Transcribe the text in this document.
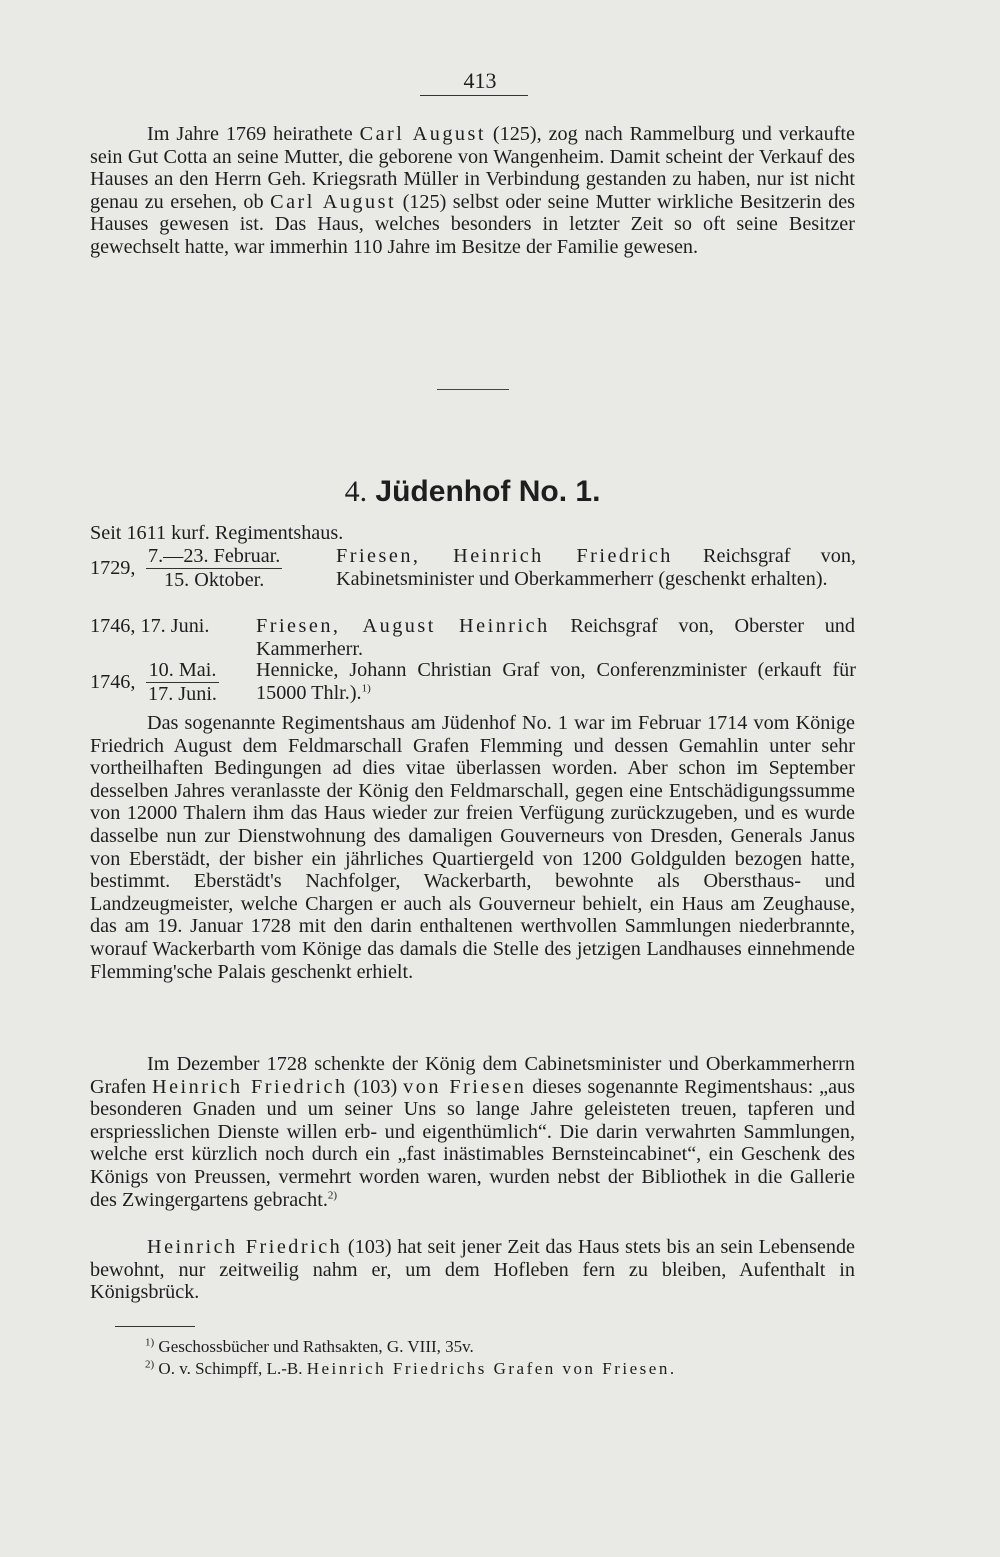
413

Im Jahre 1769 heirathete Carl August (125), zog nach Rammelburg und verkaufte sein Gut Cotta an seine Mutter, die geborene von Wangenheim. Damit scheint der Verkauf des Hauses an den Herrn Geh. Kriegsrath Müller in Verbindung gestanden zu haben, nur ist nicht genau zu ersehen, ob Carl August (125) selbst oder seine Mutter wirkliche Besitzerin des Hauses gewesen ist. Das Haus, welches besonders in letzter Zeit so oft seine Besitzer gewechselt hatte, war immerhin 110 Jahre im Besitze der Familie gewesen.

4. Jüdenhof No. 1.
Seit 1611 kurf. Regimentshaus.
1729,
7.—23. Februar.
15. Oktober.

Friesen, Heinrich Friedrich Reichsgraf von, Kabinetsminister und Oberkammerherr (geschenkt erhalten).

1746, 17. Juni. Friesen, August Heinrich Reichsgraf von, Oberster und Kammerherr.

1746,
10. Mai.
17. Juni.

Hennicke, Johann Christian Graf von, Conferenzminister (erkauft für 15000 Thlr.).$^{1)}$

Das sogenannte Regimentshaus am Jüdenhof No. 1 war im Februar 1714 vom Könige Friedrich August dem Feldmarschall Grafen Flemming und dessen Gemahlin unter sehr vortheilhaften Bedingungen ad dies vitae überlassen worden. Aber schon im September desselben Jahres veranlasste der König den Feldmarschall, gegen eine Entschädigungssumme von 12000 Thalern ihm das Haus wieder zur freien Verfügung zurückzugeben, und es wurde dasselbe nun zur Dienstwohnung des damaligen Gouverneurs von Dresden, Generals Janus von Eberstädt, der bisher ein jährliches Quartiergeld von 1200 Goldgulden bezogen hatte, bestimmt. Eberstädt's Nachfolger, Wackerbarth, bewohnte als Obersthaus- und Landzeugmeister, welche Chargen er auch als Gouverneur behielt, ein Haus am Zeughause, das am 19. Januar 1728 mit den darin enthaltenen werthvollen Sammlungen niederbrannte, worauf Wackerbarth vom Könige das damals die Stelle des jetzigen Landhauses einnehmende Flemming'sche Palais geschenkt erhielt.

Im Dezember 1728 schenkte der König dem Cabinetsminister und Oberkammerherrn Grafen Heinrich Friedrich (103) von Friesen dieses sogenannte Regimentshaus: „aus besonderen Gnaden und um seiner Uns so lange Jahre geleisteten treuen, tapferen und erspriesslichen Dienste willen erb- und eigenthümlich“. Die darin verwahrten Sammlungen, welche erst kürzlich noch durch ein „fast inästimables Bernsteincabinet“, ein Geschenk des Königs von Preussen, vermehrt worden waren, wurden nebst der Bibliothek in die Gallerie des Zwingergartens gebracht.$^{2)}$

Heinrich Friedrich (103) hat seit jener Zeit das Haus stets bis an sein Lebensende bewohnt, nur zeitweilig nahm er, um dem Hofleben fern zu bleiben, Aufenthalt in Königsbrück.

$^{1)}$ Geschossbücher und Rathsakten, G. VIII, 35v.
$^{2)}$ O. v. Schimpff, L.-B. Heinrich Friedrichs Grafen von Friesen.
